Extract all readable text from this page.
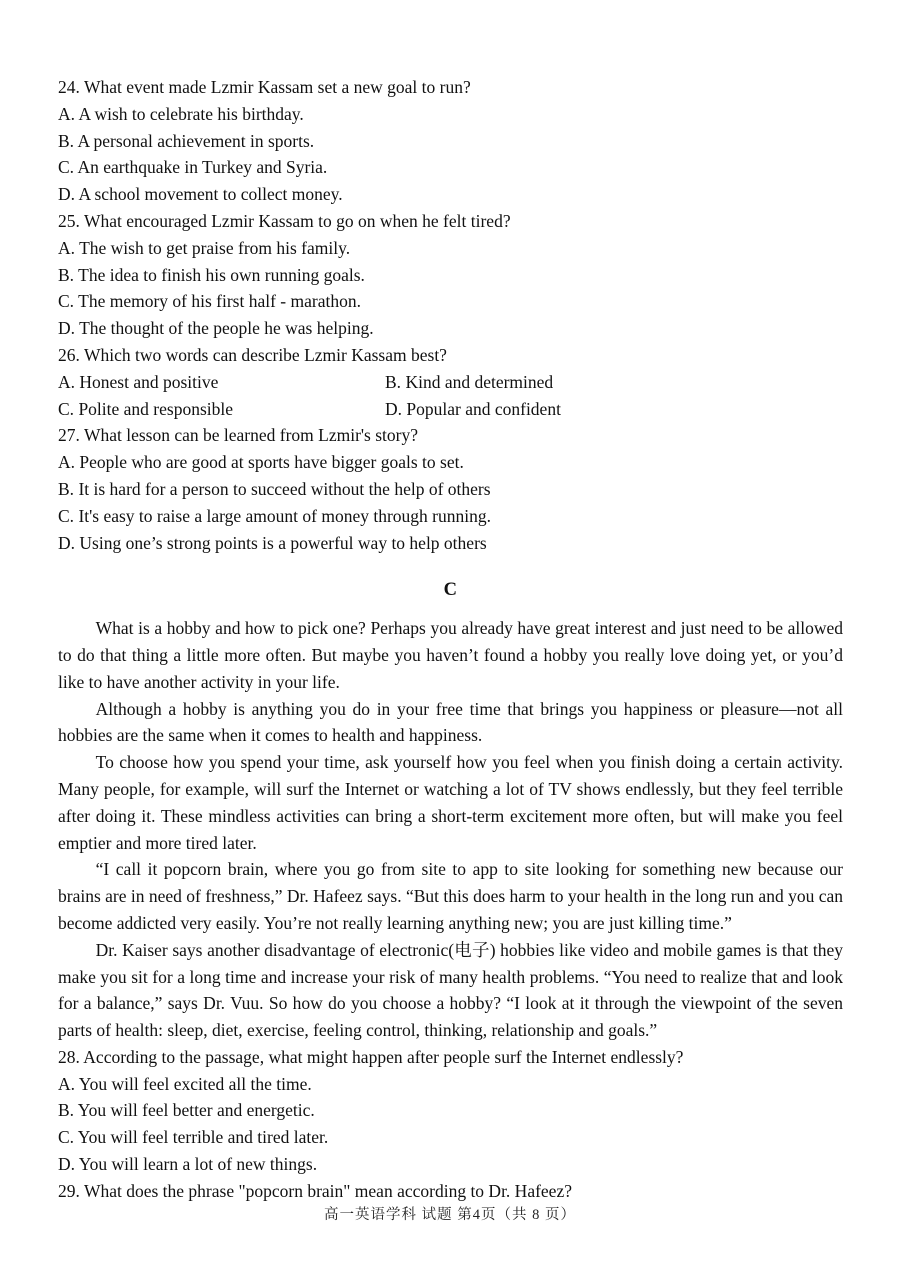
24. What event made Lzmir Kassam set a new goal to run?
A. A wish to celebrate his birthday.
B. A personal achievement in sports.
C. An earthquake in Turkey and Syria.
D. A school movement to collect money.
25. What encouraged Lzmir Kassam to go on when he felt tired?
A. The wish to get praise from his family.
B. The idea to finish his own running goals.
C. The memory of his first half - marathon.
D. The thought of the people he was helping.
26. Which two words can describe Lzmir Kassam best?
A. Honest and positive	B. Kind and determined
C. Polite and responsible	D. Popular and confident
27. What lesson can be learned from Lzmir's story?
A. People who are good at sports have bigger goals to set.
B. It is hard for a person to succeed without the help of others
C. It's easy to raise a large amount of money through running.
D. Using one’s strong points is a powerful way to help others
C

What is a hobby and how to pick one? Perhaps you already have great interest and just need to be allowed to do that thing a little more often. But maybe you haven’t found a hobby you really love doing yet, or you’d like to have another activity in your life.

Although a hobby is anything you do in your free time that brings you happiness or pleasure—not all hobbies are the same when it comes to health and happiness.

To choose how you spend your time, ask yourself how you feel when you finish doing a certain activity. Many people, for example, will surf the Internet or watching a lot of TV shows endlessly, but they feel terrible after doing it. These mindless activities can bring a short-term excitement more often, but will make you feel emptier and more tired later.

“I call it popcorn brain, where you go from site to app to site looking for something new because our brains are in need of freshness,” Dr. Hafeez says. “But this does harm to your health in the long run and you can become addicted very easily. You’re not really learning anything new; you are just killing time.”

Dr. Kaiser says another disadvantage of electronic(电子) hobbies like video and mobile games is that they make you sit for a long time and increase your risk of many health problems. “You need to realize that and look for a balance,” says Dr. Vuu. So how do you choose a hobby? “I look at it through the viewpoint of the seven parts of health: sleep, diet, exercise, feeling control, thinking, relationship and goals.”

28. According to the passage, what might happen after people surf the Internet endlessly?
A. You will feel excited all the time.
B. You will feel better and energetic.
C. You will feel terrible and tired later.
D. You will learn a lot of new things.
29. What does the phrase "popcorn brain" mean according to Dr. Hafeez?
高一英语学科 试题 第4页（共 8 页）
